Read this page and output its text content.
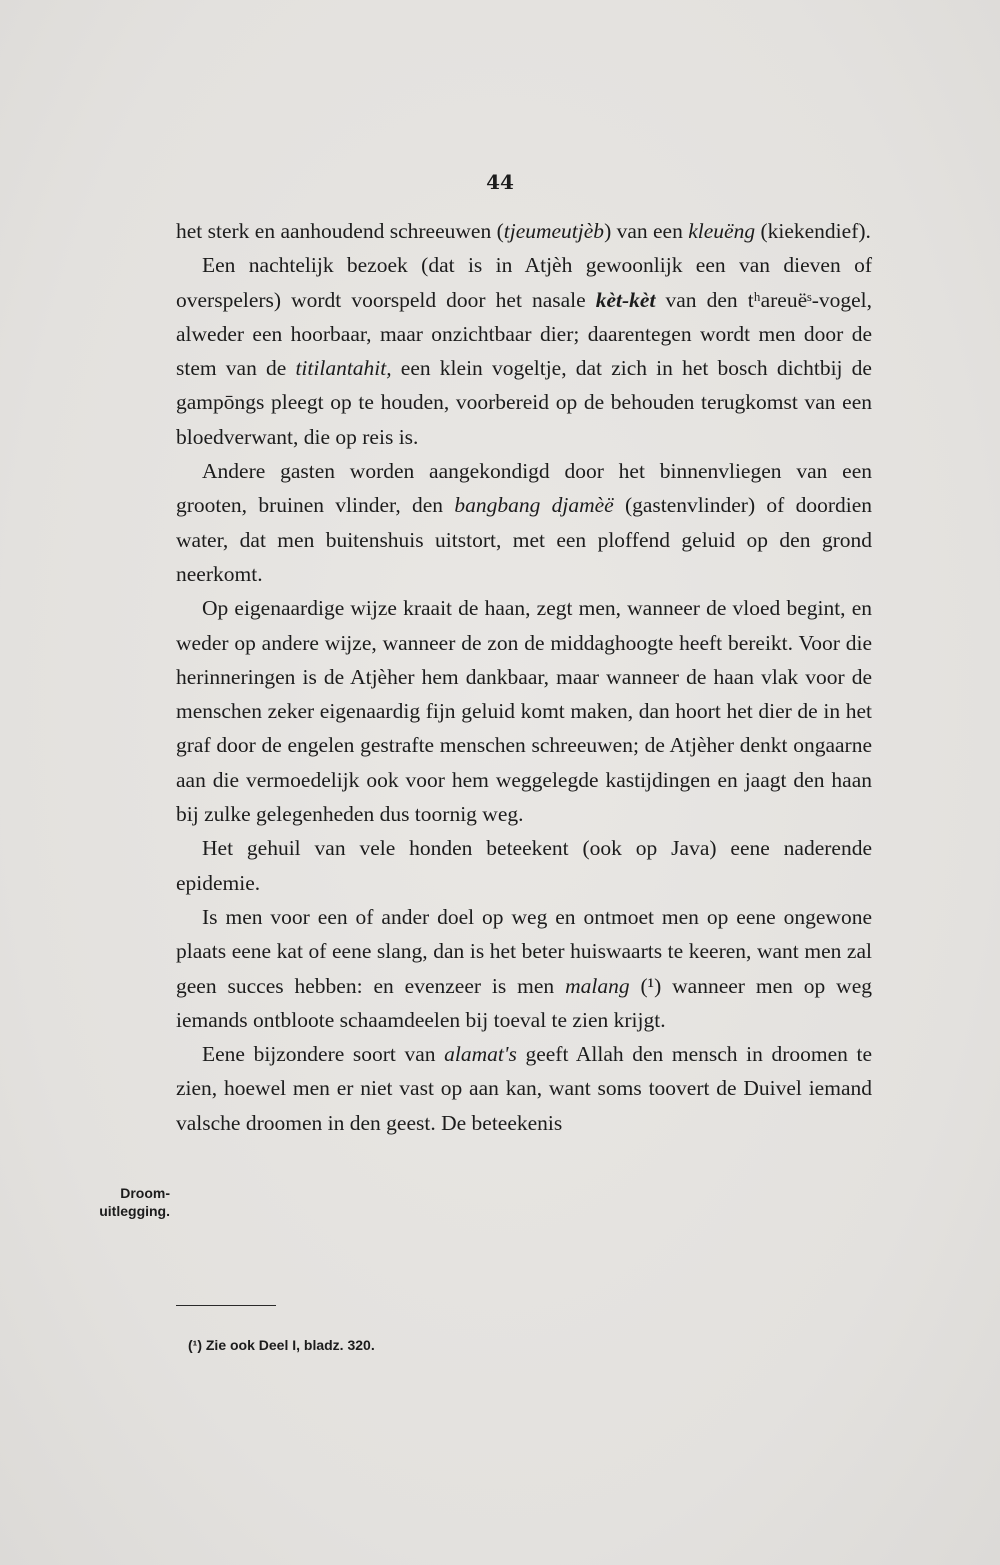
44

het sterk en aanhoudend schreeuwen (tjeumeutjèb) van een kleuëng (kiekendief).

Een nachtelijk bezoek (dat is in Atjèh gewoonlijk een van dieven of overspelers) wordt voorspeld door het nasale kèt-kèt van den tʰareuëˢ-vogel, alweder een hoorbaar, maar onzichtbaar dier; daarentegen wordt men door de stem van de titilantahit, een klein vogeltje, dat zich in het bosch dichtbij de gampōngs pleegt op te houden, voorbereid op de behouden terugkomst van een bloedverwant, die op reis is.

Andere gasten worden aangekondigd door het binnenvliegen van een grooten, bruinen vlinder, den bangbang djamèë (gastenvlinder) of doordien water, dat men buitenshuis uitstort, met een ploffend geluid op den grond neerkomt.

Op eigenaardige wijze kraait de haan, zegt men, wanneer de vloed begint, en weder op andere wijze, wanneer de zon de middaghoogte heeft bereikt. Voor die herinneringen is de Atjèher hem dankbaar, maar wanneer de haan vlak voor de menschen zeker eigenaardig fijn geluid komt maken, dan hoort het dier de in het graf door de engelen gestrafte menschen schreeuwen; de Atjèher denkt ongaarne aan die vermoedelijk ook voor hem weggelegde kastijdingen en jaagt den haan bij zulke gelegenheden dus toornig weg.

Het gehuil van vele honden beteekent (ook op Java) eene naderende epidemie.

Is men voor een of ander doel op weg en ontmoet men op eene ongewone plaats eene kat of eene slang, dan is het beter huiswaarts te keeren, want men zal geen succes hebben: en evenzeer is men malang (¹) wanneer men op weg iemands ontbloote schaamdeelen bij toeval te zien krijgt.

Eene bijzondere soort van alamat's geeft Allah den mensch in droomen te zien, hoewel men er niet vast op aan kan, want soms toovert de Duivel iemand valsche droomen in den geest. De beteekenis

Droom-
uitlegging.
(¹) Zie ook Deel I, bladz. 320.
